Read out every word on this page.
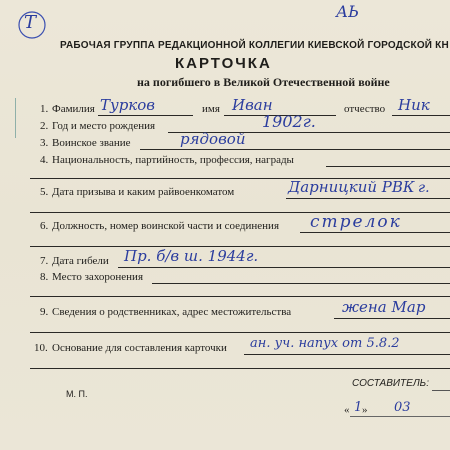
Т
АЬ
РАБОЧАЯ ГРУППА РЕДАКЦИОННОЙ КОЛЛЕГИИ КИЕВСКОЙ ГОРОДСКОЙ КН
КАРТОЧКА
на погибшего в Великой Отечественной войне
1. Фамилия Турков	имя Иван	отчество Ник
2. Год и место рождения	1902г.
3. Воинское звание	рядовой
4. Национальность, партийность, профессия, награды
5. Дата призыва и каким райвоенкоматом	Дарницкий РВК г.
6. Должность, номер воинской части и соединения стрелок
7. Дата гибели Пр. б/в ш. 1944г.
8. Место захоронения
9. Сведения о родственниках, адрес местожительства	жена Мар
10. Основание для составления карточки ан. уч. напух от 5.8.2
М. П.
СОСТАВИТЕЛЬ:
« 1 » 03
